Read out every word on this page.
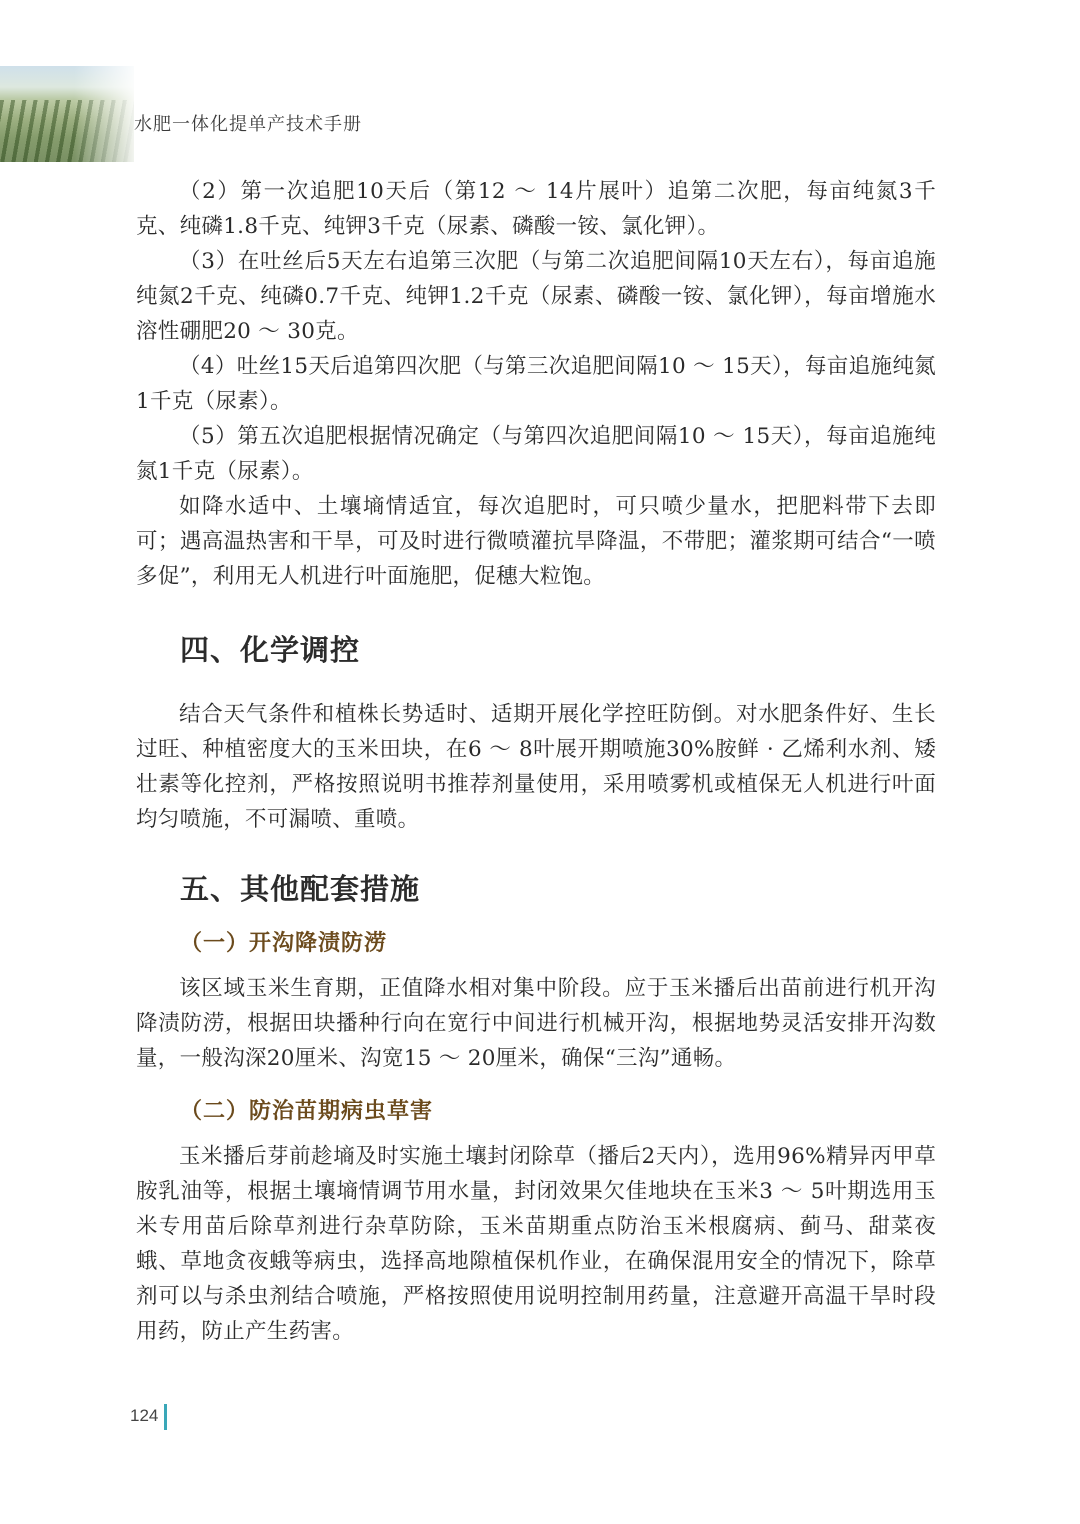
水肥一体化提单产技术手册

（2）第一次追肥10天后（第12 ～ 14片展叶）追第二次肥，每亩纯氮3千克、纯磷1.8千克、纯钾3千克（尿素、磷酸一铵、氯化钾）。

（3）在吐丝后5天左右追第三次肥（与第二次追肥间隔10天左右），每亩追施纯氮2千克、纯磷0.7千克、纯钾1.2千克（尿素、磷酸一铵、氯化钾），每亩增施水溶性硼肥20 ～ 30克。

（4）吐丝15天后追第四次肥（与第三次追肥间隔10 ～ 15天），每亩追施纯氮1千克（尿素）。

（5）第五次追肥根据情况确定（与第四次追肥间隔10 ～ 15天），每亩追施纯氮1千克（尿素）。

如降水适中、土壤墒情适宜，每次追肥时，可只喷少量水，把肥料带下去即可；遇高温热害和干旱，可及时进行微喷灌抗旱降温，不带肥；灌浆期可结合“一喷多促”，利用无人机进行叶面施肥，促穗大粒饱。

四、化学调控

结合天气条件和植株长势适时、适期开展化学控旺防倒。对水肥条件好、生长过旺、种植密度大的玉米田块，在6 ～ 8叶展开期喷施30%胺鲜 · 乙烯利水剂、矮壮素等化控剂，严格按照说明书推荐剂量使用，采用喷雾机或植保无人机进行叶面均匀喷施，不可漏喷、重喷。

五、其他配套措施
（一）开沟降渍防涝

该区域玉米生育期，正值降水相对集中阶段。应于玉米播后出苗前进行机开沟降渍防涝，根据田块播种行向在宽行中间进行机械开沟，根据地势灵活安排开沟数量，一般沟深20厘米、沟宽15 ～ 20厘米，确保“三沟”通畅。

（二）防治苗期病虫草害

玉米播后芽前趁墒及时实施土壤封闭除草（播后2天内），选用96%精异丙甲草胺乳油等，根据土壤墒情调节用水量，封闭效果欠佳地块在玉米3 ～ 5叶期选用玉米专用苗后除草剂进行杂草防除，玉米苗期重点防治玉米根腐病、蓟马、甜菜夜蛾、草地贪夜蛾等病虫，选择高地隙植保机作业，在确保混用安全的情况下，除草剂可以与杀虫剂结合喷施，严格按照使用说明控制用药量，注意避开高温干旱时段用药，防止产生药害。

124
